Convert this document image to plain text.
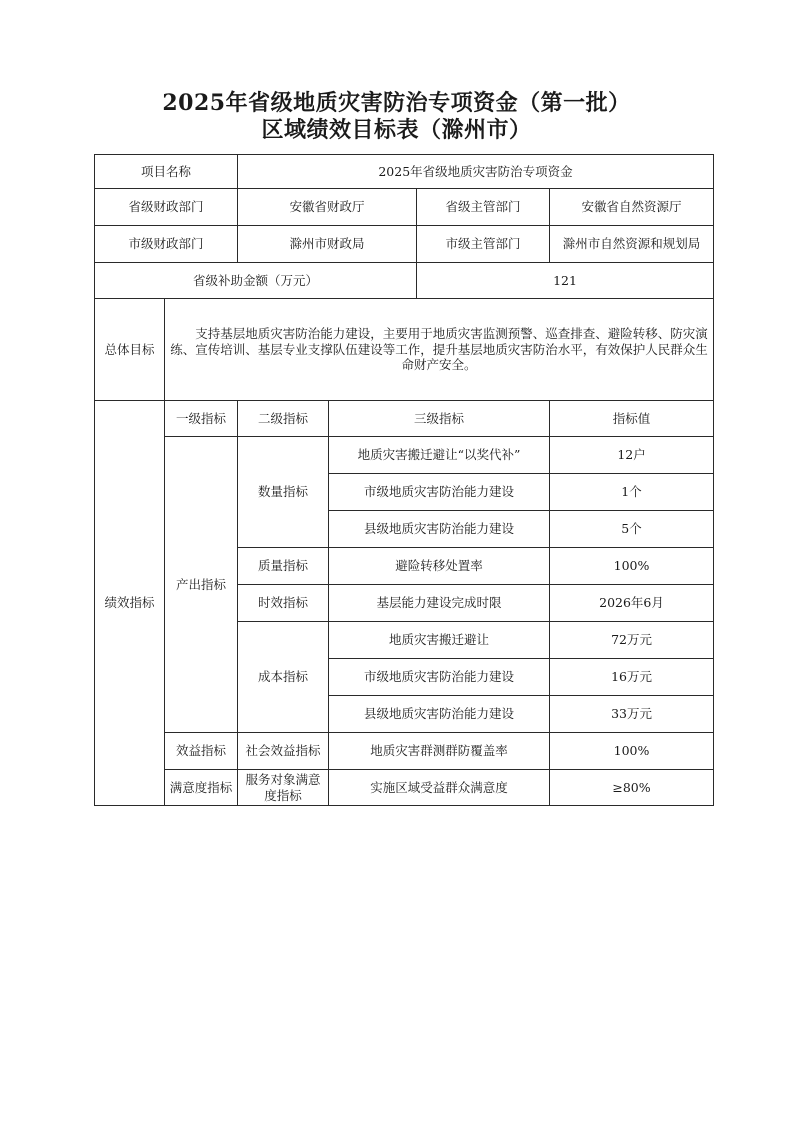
2025年省级地质灾害防治专项资金（第一批）
区域绩效目标表（滁州市）
项目名称		2025年省级地质灾害防治专项资金			
省级财政部门		安徽省财政厅		省级主管部门	安徽省自然资源厅
市级财政部门		滁州市财政局		市级主管部门	滁州市自然资源和规划局
省级补助金额（万元）				121	
总体目标	支持基层地质灾害防治能力建设，主要用于地质灾害监测预警、巡查排查、避险转移、防灾演练、宣传培训、基层专业支撑队伍建设等工作，提升基层地质灾害防治水平，有效保护人民群众生命财产安全。				
绩效指标	一级指标	二级指标	三级指标		指标值
	产出指标	数量指标	地质灾害搬迁避让“以奖代补”		12户
			市级地质灾害防治能力建设		1个
			县级地质灾害防治能力建设		5个
		质量指标	避险转移处置率		100%
		时效指标	基层能力建设完成时限		2026年6月
		成本指标	地质灾害搬迁避让		72万元
			市级地质灾害防治能力建设		16万元
			县级地质灾害防治能力建设		33万元
	效益指标	社会效益指标	地质灾害群测群防覆盖率		100%
	满意度指标	服务对象满意度指标	实施区域受益群众满意度		≥80%
